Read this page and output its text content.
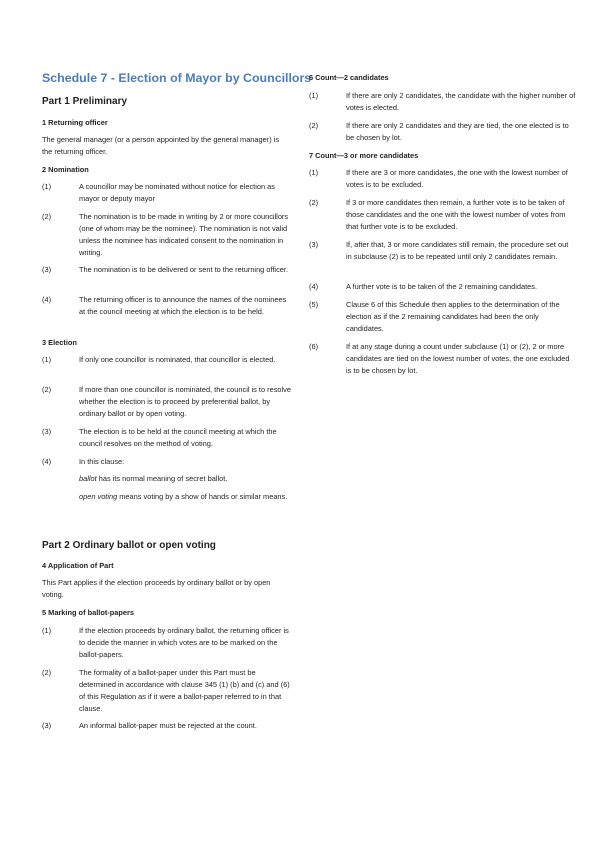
Schedule 7 - Election of Mayor by Councillors
Part 1 Preliminary
1 Returning officer

The general manager (or a person appointed by the general manager) is the returning officer.

2 Nomination
(1)	A councillor may be nominated without notice for election as mayor or deputy mayor
(2)	The nomination is to be made in writing by 2 or more councillors (one of whom may be the nominee). The nomination is not valid unless the nominee has indicated consent to the nomination in writing.
(3)	The nomination is to be delivered or sent to the returning officer.
(4)	The returning officer is to announce the names of the nominees at the council meeting at which the election is to be held.
3 Election
(1)	If only one councillor is nominated, that councillor is elected.
(2)	If more than one councillor is nominated, the council is to resolve whether the election is to proceed by preferential ballot, by ordinary ballot or by open voting.
(3)	The election is to be held at the council meeting at which the council resolves on the method of voting.
(4)	In this clause:

ballot has its normal meaning of secret ballot.

open voting means voting by a show of hands or similar means.

Part 2 Ordinary ballot or open voting
4 Application of Part

This Part applies if the election proceeds by ordinary ballot or by open voting.

5 Marking of ballot-papers
(1)	If the election proceeds by ordinary ballot, the returning officer is to decide the manner in which votes are to be marked on the ballot-papers.
(2)	The formality of a ballot-paper under this Part must be determined in accordance with clause 345 (1) (b) and (c) and (6) of this Regulation as if it were a ballot-paper referred to in that clause.
(3)	An informal ballot-paper must be rejected at the count.
6 Count—2 candidates
(1)	If there are only 2 candidates, the candidate with the higher number of votes is elected.
(2)	If there are only 2 candidates and they are tied, the one elected is to be chosen by lot.
7 Count—3 or more candidates
(1)	If there are 3 or more candidates, the one with the lowest number of votes is to be excluded.
(2)	If 3 or more candidates then remain, a further vote is to be taken of those candidates and the one with the lowest number of votes from that further vote is to be excluded.
(3)	If, after that, 3 or more candidates still remain, the procedure set out in subclause (2) is to be repeated until only 2 candidates remain.
(4)	A further vote is to be taken of the 2 remaining candidates.
(5)	Clause 6 of this Schedule then applies to the determination of the election as if the 2 remaining candidates had been the only candidates.
(6)	If at any stage during a count under subclause (1) or (2), 2 or more candidates are tied on the lowest number of votes, the one excluded is to be chosen by lot.
